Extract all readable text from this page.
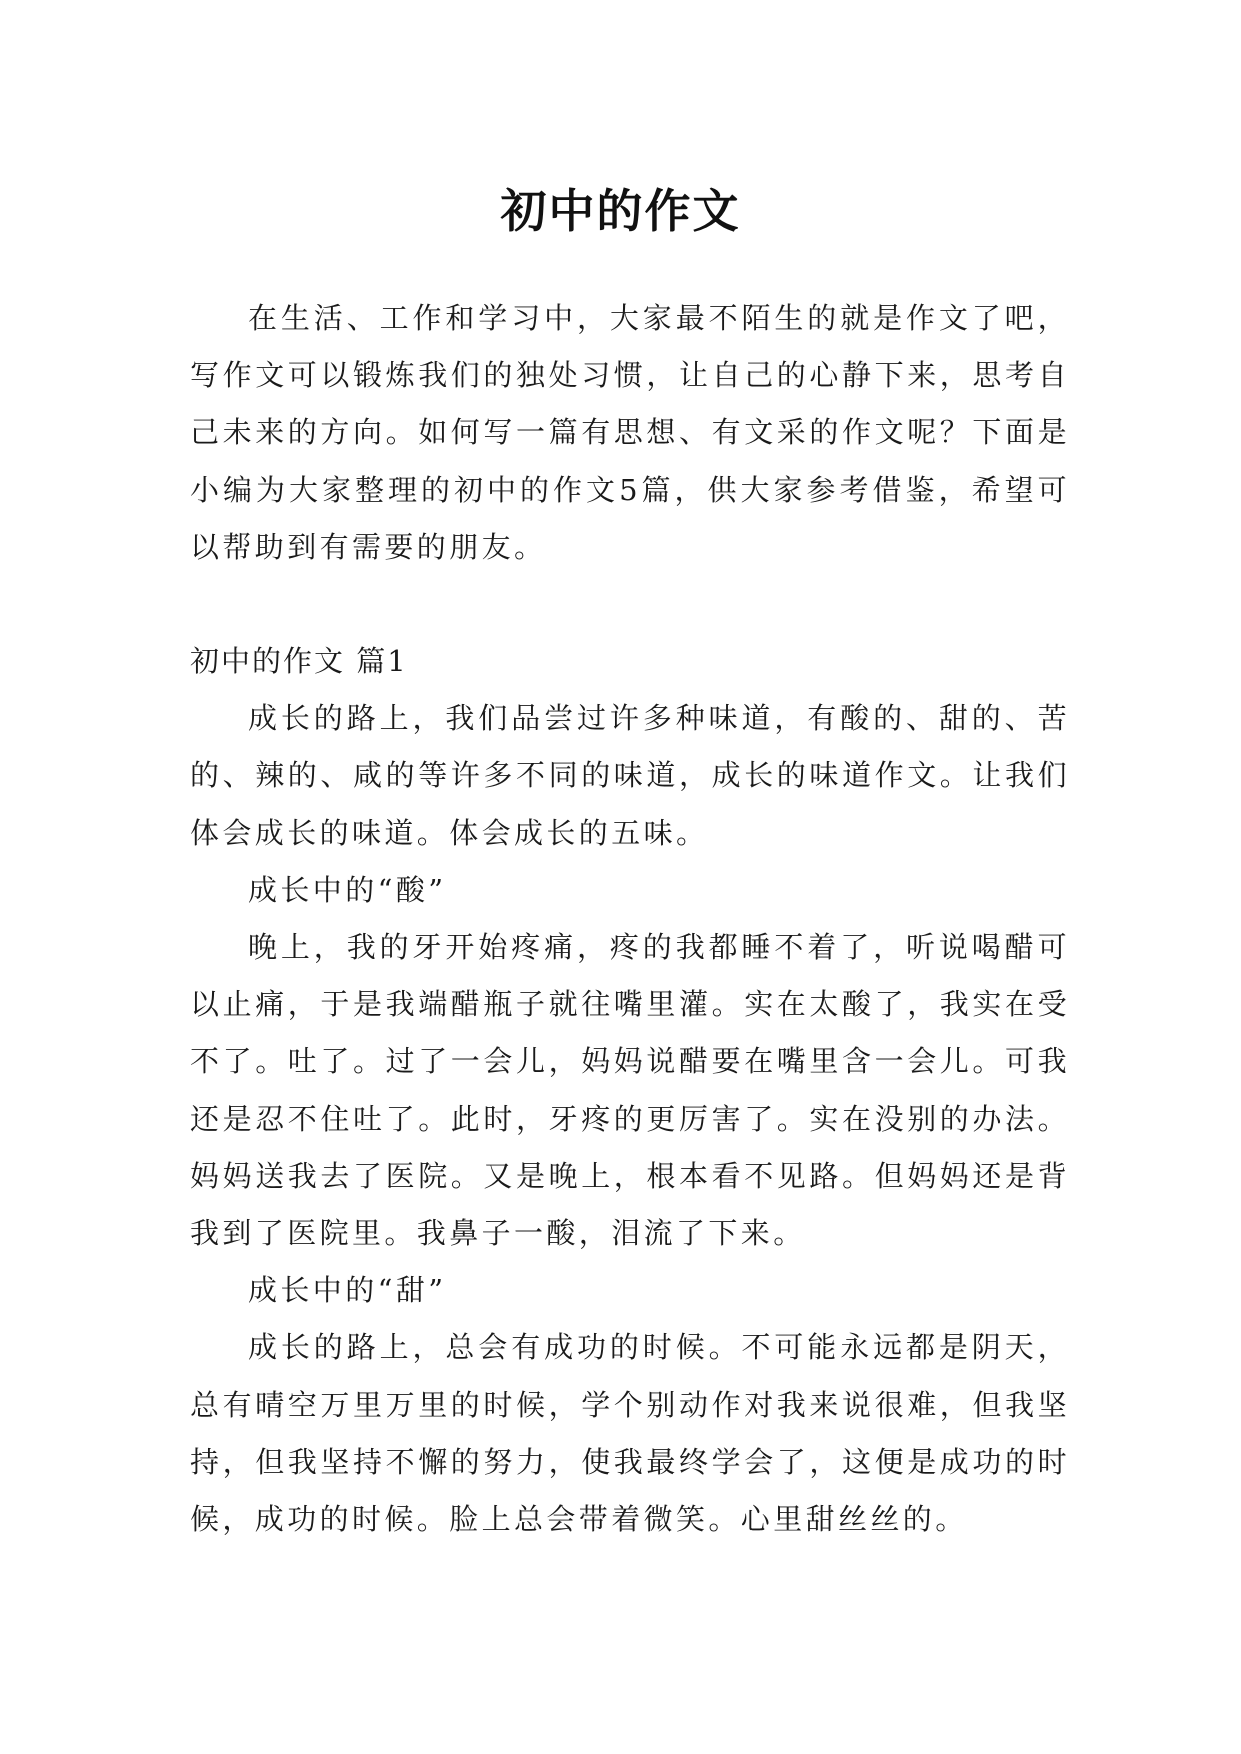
初中的作文

在生活、工作和学习中，大家最不陌生的就是作文了吧，写作文可以锻炼我们的独处习惯，让自己的心静下来，思考自己未来的方向。如何写一篇有思想、有文采的作文呢？下面是小编为大家整理的初中的作文5篇，供大家参考借鉴，希望可以帮助到有需要的朋友。

初中的作文 篇1

成长的路上，我们品尝过许多种味道，有酸的、甜的、苦的、辣的、咸的等许多不同的味道，成长的味道作文。让我们体会成长的味道。体会成长的五味。

成长中的“酸”

晚上，我的牙开始疼痛，疼的我都睡不着了，听说喝醋可以止痛，于是我端醋瓶子就往嘴里灌。实在太酸了，我实在受不了。吐了。过了一会儿，妈妈说醋要在嘴里含一会儿。可我还是忍不住吐了。此时，牙疼的更厉害了。实在没别的办法。妈妈送我去了医院。又是晚上，根本看不见路。但妈妈还是背我到了医院里。我鼻子一酸，泪流了下来。

成长中的“甜”

成长的路上，总会有成功的时候。不可能永远都是阴天，总有晴空万里万里的时候，学个别动作对我来说很难，但我坚持，但我坚持不懈的努力，使我最终学会了，这便是成功的时候，成功的时候。脸上总会带着微笑。心里甜丝丝的。
